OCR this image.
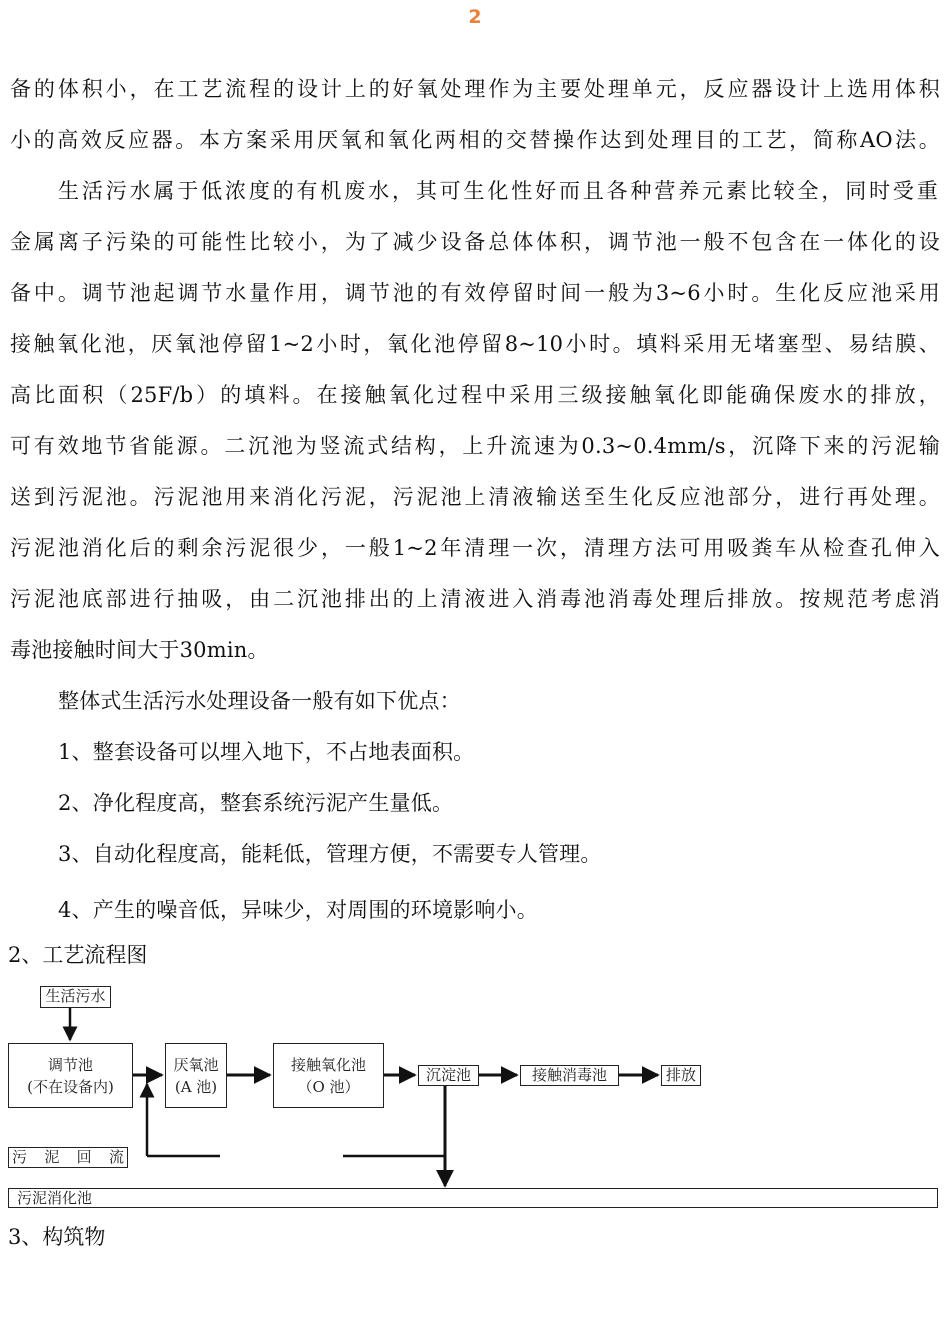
2
备的体积小，在工艺流程的设计上的好氧处理作为主要处理单元，反应器设计上选用体积
小的高效反应器。本方案采用厌氧和氧化两相的交替操作达到处理目的工艺，简称AO法。
生活污水属于低浓度的有机废水，其可生化性好而且各种营养元素比较全，同时受重
金属离子污染的可能性比较小，为了减少设备总体体积，调节池一般不包含在一体化的设
备中。调节池起调节水量作用，调节池的有效停留时间一般为3~6小时。生化反应池采用
接触氧化池，厌氧池停留1~2小时，氧化池停留8~10小时。填料采用无堵塞型、易结膜、
高比面积（25F/b）的填料。在接触氧化过程中采用三级接触氧化即能确保废水的排放，
可有效地节省能源。二沉池为竖流式结构，上升流速为0.3~0.4mm/s，沉降下来的污泥输
送到污泥池。污泥池用来消化污泥，污泥池上清液输送至生化反应池部分，进行再处理。
污泥池消化后的剩余污泥很少，一般1~2年清理一次，清理方法可用吸粪车从检查孔伸入
污泥池底部进行抽吸，由二沉池排出的上清液进入消毒池消毒处理后排放。按规范考虑消
毒池接触时间大于30min。
整体式生活污水处理设备一般有如下优点：
1、整套设备可以埋入地下，不占地表面积。
2、净化程度高，整套系统污泥产生量低。
3、自动化程度高，能耗低，管理方便，不需要专人管理。
4、产生的噪音低，异味少，对周围的环境影响小。
2、工艺流程图
生活污水
调节池
(不在设备内)
厌氧池
(A 池)
接触氧化池
（O 池）
沉淀池	接触消毒池	排放
污 泥 回 流
污泥消化池
3、构筑物
